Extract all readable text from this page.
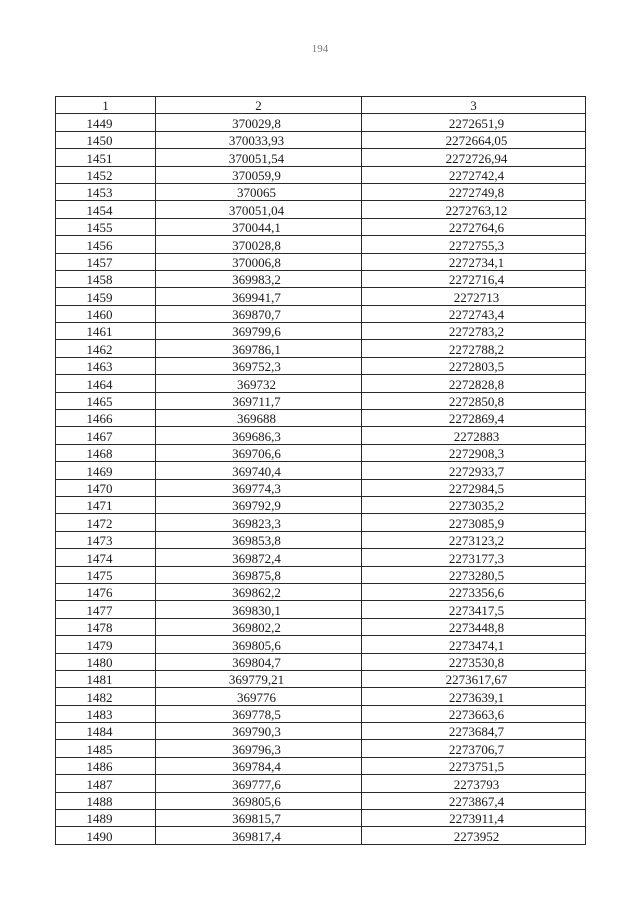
194
1	2	3
1449	370029,8	2272651,9
1450	370033,93	2272664,05
1451	370051,54	2272726,94
1452	370059,9	2272742,4
1453	370065	2272749,8
1454	370051,04	2272763,12
1455	370044,1	2272764,6
1456	370028,8	2272755,3
1457	370006,8	2272734,1
1458	369983,2	2272716,4
1459	369941,7	2272713
1460	369870,7	2272743,4
1461	369799,6	2272783,2
1462	369786,1	2272788,2
1463	369752,3	2272803,5
1464	369732	2272828,8
1465	369711,7	2272850,8
1466	369688	2272869,4
1467	369686,3	2272883
1468	369706,6	2272908,3
1469	369740,4	2272933,7
1470	369774,3	2272984,5
1471	369792,9	2273035,2
1472	369823,3	2273085,9
1473	369853,8	2273123,2
1474	369872,4	2273177,3
1475	369875,8	2273280,5
1476	369862,2	2273356,6
1477	369830,1	2273417,5
1478	369802,2	2273448,8
1479	369805,6	2273474,1
1480	369804,7	2273530,8
1481	369779,21	2273617,67
1482	369776	2273639,1
1483	369778,5	2273663,6
1484	369790,3	2273684,7
1485	369796,3	2273706,7
1486	369784,4	2273751,5
1487	369777,6	2273793
1488	369805,6	2273867,4
1489	369815,7	2273911,4
1490	369817,4	2273952
